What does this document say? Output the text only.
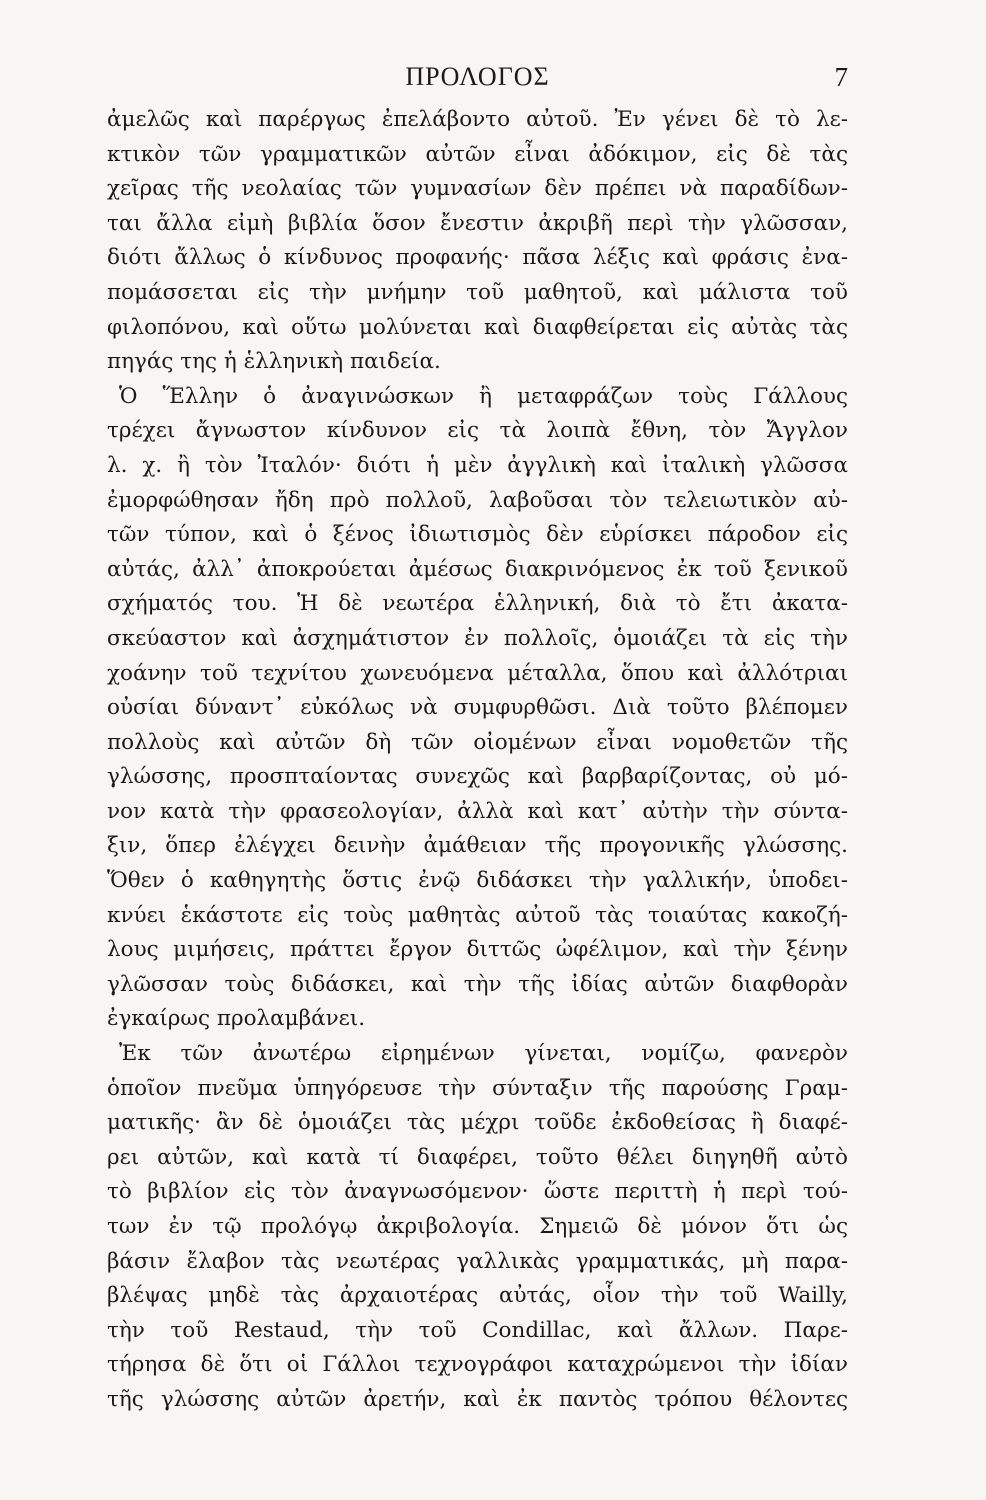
ΠΡΟΛΟΓΟΣ	7
ἀμελῶς καὶ παρέργως ἐπελάβοντο αὐτοῦ. Ἐν γένει δὲ τὸ λε-
κτικὸν τῶν γραμματικῶν αὐτῶν εἶναι ἀδόκιμον, εἰς δὲ τὰς
χεῖρας τῆς νεολαίας τῶν γυμνασίων δὲν πρέπει νὰ παραδίδων-
ται ἄλλα εἰμὴ βιβλία ὅσον ἔνεστιν ἀκριβῆ περὶ τὴν γλῶσσαν,
διότι ἄλλως ὁ κίνδυνος προφανής· πᾶσα λέξις καὶ φράσις ἐνα-
πομάσσεται εἰς τὴν μνήμην τοῦ μαθητοῦ, καὶ μάλιστα τοῦ
φιλοπόνου, καὶ οὕτω μολύνεται καὶ διαφθείρεται εἰς αὐτὰς τὰς
πηγάς της ἡ ἑλληνικὴ παιδεία.
Ὁ Ἕλλην ὁ ἀναγινώσκων ἢ μεταφράζων τοὺς Γάλλους
τρέχει ἄγνωστον κίνδυνον εἰς τὰ λοιπὰ ἔθνη, τὸν Ἄγγλον
λ. χ. ἢ τὸν Ἰταλόν· διότι ἡ μὲν ἀγγλικὴ καὶ ἰταλικὴ γλῶσσα
ἐμορφώθησαν ἤδη πρὸ πολλοῦ, λαβοῦσαι τὸν τελειωτικὸν αὐ-
τῶν τύπον, καὶ ὁ ξένος ἰδιωτισμὸς δὲν εὑρίσκει πάροδον εἰς
αὐτάς, ἀλλ᾽ ἀποκρούεται ἀμέσως διακρινόμενος ἐκ τοῦ ξενικοῦ
σχήματός του. Ἡ δὲ νεωτέρα ἑλληνική, διὰ τὸ ἔτι ἀκατα-
σκεύαστον καὶ ἀσχημάτιστον ἐν πολλοῖς, ὁμοιάζει τὰ εἰς τὴν
χοάνην τοῦ τεχνίτου χωνευόμενα μέταλλα, ὅπου καὶ ἀλλότριαι
οὐσίαι δύναντ᾽ εὐκόλως νὰ συμφυρθῶσι. Διὰ τοῦτο βλέπομεν
πολλοὺς καὶ αὐτῶν δὴ τῶν οἰομένων εἶναι νομοθετῶν τῆς
γλώσσης, προσπταίοντας συνεχῶς καὶ βαρβαρίζοντας, οὐ μό-
νον κατὰ τὴν φρασεολογίαν, ἀλλὰ καὶ κατ᾽ αὐτὴν τὴν σύντα-
ξιν, ὅπερ ἐλέγχει δεινὴν ἀμάθειαν τῆς προγονικῆς γλώσσης.
Ὅθεν ὁ καθηγητὴς ὅστις ἐνῷ διδάσκει τὴν γαλλικήν, ὑποδει-
κνύει ἑκάστοτε εἰς τοὺς μαθητὰς αὐτοῦ τὰς τοιαύτας κακοζή-
λους μιμήσεις, πράττει ἔργον διττῶς ὠφέλιμον, καὶ τὴν ξένην
γλῶσσαν τοὺς διδάσκει, καὶ τὴν τῆς ἰδίας αὐτῶν διαφθορὰν
ἐγκαίρως προλαμβάνει.
Ἐκ τῶν ἀνωτέρω εἰρημένων γίνεται, νομίζω, φανερὸν
ὁποῖον πνεῦμα ὑπηγόρευσε τὴν σύνταξιν τῆς παρούσης Γραμ-
ματικῆς· ἂν δὲ ὁμοιάζει τὰς μέχρι τοῦδε ἐκδοθείσας ἢ διαφέ-
ρει αὐτῶν, καὶ κατὰ τί διαφέρει, τοῦτο θέλει διηγηθῆ αὐτὸ
τὸ βιβλίον εἰς τὸν ἀναγνωσόμενον· ὥστε περιττὴ ἡ περὶ τού-
των ἐν τῷ προλόγῳ ἀκριβολογία. Σημειῶ δὲ μόνον ὅτι ὡς
βάσιν ἔλαβον τὰς νεωτέρας γαλλικὰς γραμματικάς, μὴ παρα-
βλέψας μηδὲ τὰς ἀρχαιοτέρας αὐτάς, οἷον τὴν τοῦ Wailly,
τὴν τοῦ Restaud, τὴν τοῦ Condillac, καὶ ἄλλων. Παρε-
τήρησα δὲ ὅτι οἱ Γάλλοι τεχνογράφοι καταχρώμενοι τὴν ἰδίαν
τῆς γλώσσης αὐτῶν ἀρετήν, καὶ ἐκ παντὸς τρόπου θέλοντες
